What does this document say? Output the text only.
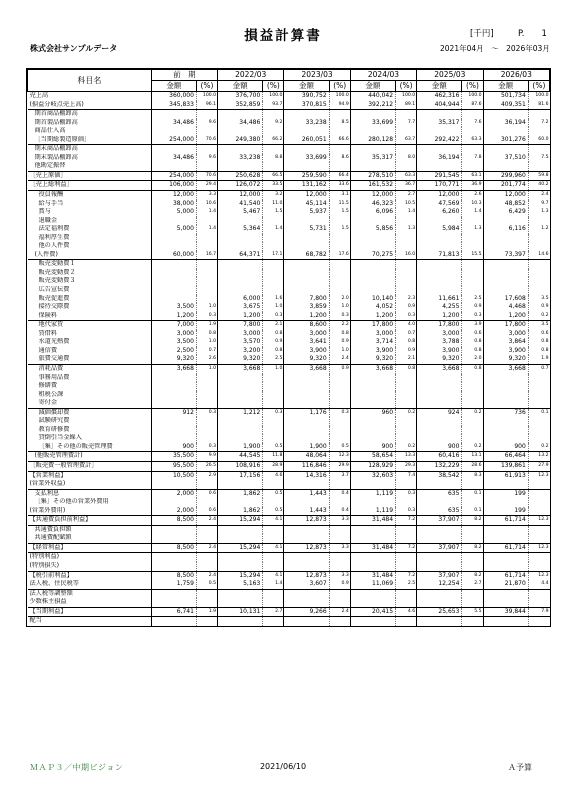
損益計算書	[千円]	P.　　1
株式会社サンプルデータ	2021年04月　～　2026年03月
科目名	前　期		2022/03		2023/03		2024/03		2025/03		2026/03	
	金額	(%)	金額	(%)	金額	(%)	金額	(%)	金額	(%)	金額	(%)
売上高	360,000	100.0	376,700	100.0	390,752	100.0	440,042	100.0	462,316	100.0	501,734	100.0
(損益分岐点売上高)	345,833	96.1	352,859	93.7	370,815	94.9	392,212	89.1	404,944	87.6	409,351	81.6
期首商品棚卸高												
期首製品棚卸高	34,486	9.6	34,486	9.2	33,238	8.5	33,699	7.7	35,317	7.6	36,194	7.2
商品仕入高												
［当期総製造原価］	254,000	70.6	249,380	66.2	260,051	66.6	280,128	63.7	292,422	63.3	301,276	60.0
期末商品棚卸高												
期末製品棚卸高	34,486	9.6	33,238	8.8	33,699	8.6	35,317	8.0	36,194	7.8	37,510	7.5
他勘定振替												
［売上原価］	254,000	70.6	250,628	66.5	259,590	66.4	278,510	63.3	291,545	63.1	299,960	59.8
［売上総利益］	106,000	29.4	126,072	33.5	131,162	33.6	161,532	36.7	170,771	36.9	201,774	40.2
役員報酬	12,000	3.3	12,000	3.2	12,000	3.1	12,000	2.7	12,000	2.6	12,000	2.4
給与手当	38,000	10.6	41,540	11.0	45,114	11.5	46,323	10.5	47,569	10.3	48,852	9.7
賞与	5,000	1.4	5,467	1.5	5,937	1.5	6,096	1.4	6,260	1.4	6,429	1.3
退職金												
法定福利費	5,000	1.4	5,364	1.4	5,731	1.5	5,856	1.3	5,984	1.3	6,116	1.2
福利厚生費												
他の人件費												
(人件費)	60,000	16.7	64,371	17.1	68,782	17.6	70,275	16.0	71,813	15.5	73,397	14.6
販売変動費１												
販売変動費２												
販売変動費３												
広告宣伝費												
販売促進費			6,000	1.6	7,800	2.0	10,140	2.3	11,661	2.5	17,608	3.5
接待交際費	3,500	1.0	3,675	1.0	3,859	1.0	4,052	0.9	4,255	0.9	4,468	0.9
保険料	1,200	0.3	1,200	0.3	1,200	0.3	1,200	0.3	1,200	0.3	1,200	0.2
地代家賃	7,000	1.9	7,800	2.1	8,600	2.2	17,800	4.0	17,800	3.9	17,800	3.5
賃借料	3,000	0.8	3,000	0.8	3,000	0.8	3,000	0.7	3,000	0.6	3,000	0.6
水道光熱費	3,500	1.0	3,570	0.9	3,641	0.9	3,714	0.8	3,788	0.8	3,864	0.8
通信費	2,500	0.7	3,200	0.8	3,900	1.0	3,900	0.9	3,900	0.8	3,900	0.8
旅費交通費	9,320	2.6	9,320	2.5	9,320	2.4	9,320	2.1	9,320	2.0	9,320	1.9
消耗品費	3,668	1.0	3,668	1.0	3,668	0.9	3,668	0.8	3,668	0.8	3,668	0.7
事務用品費												
修繕費												
租税公課												
寄付金												
減価償却費	912	0.3	1,212	0.3	1,176	0.3	960	0.2	924	0.2	736	0.1
試験研究費												
教育研修費												
貸倒引当金繰入												
［集］その他の販売管理費	900	0.3	1,900	0.5	1,900	0.5	900	0.2	900	0.2	900	0.2
(他販売管理費計)	35,500	9.9	44,545	11.8	48,064	12.3	58,654	13.3	60,416	13.1	66,464	13.2
［販売費一般管理費計］	95,500	26.5	108,916	28.9	116,846	29.9	128,929	29.3	132,229	28.6	139,861	27.9
【営業利益】	10,500	2.9	17,156	4.6	14,316	3.7	32,603	7.4	38,542	8.3	61,913	12.3
(営業外収益)												
支払利息	2,000	0.6	1,862	0.5	1,443	0.4	1,119	0.3	635	0.1	199	
［集］その他の営業外費用												
(営業外費用)	2,000	0.6	1,862	0.5	1,443	0.4	1,119	0.3	635	0.1	199	
【共通費負担前利益】	8,500	2.4	15,294	4.1	12,873	3.3	31,484	7.2	37,907	8.2	61,714	12.3
共通費負担額												
共通費配賦額												
【経常利益】	8,500	2.4	15,294	4.1	12,873	3.3	31,484	7.2	37,907	8.2	61,714	12.3
(特別利益)												
(特別損失)												
【税引前利益】	8,500	2.4	15,294	4.1	12,873	3.3	31,484	7.2	37,907	8.2	61,714	12.3
法人税、住民税等	1,759	0.5	5,163	1.4	3,607	0.9	11,069	2.5	12,254	2.7	21,870	4.4
法人税等調整額												
少数株主損益												
【当期利益】	6,741	1.9	10,131	2.7	9,266	2.4	20,415	4.6	25,653	5.5	39,844	7.9
配当												
ＭＡＰ３／中期ビジョン	2021/06/10	Ａ予算
